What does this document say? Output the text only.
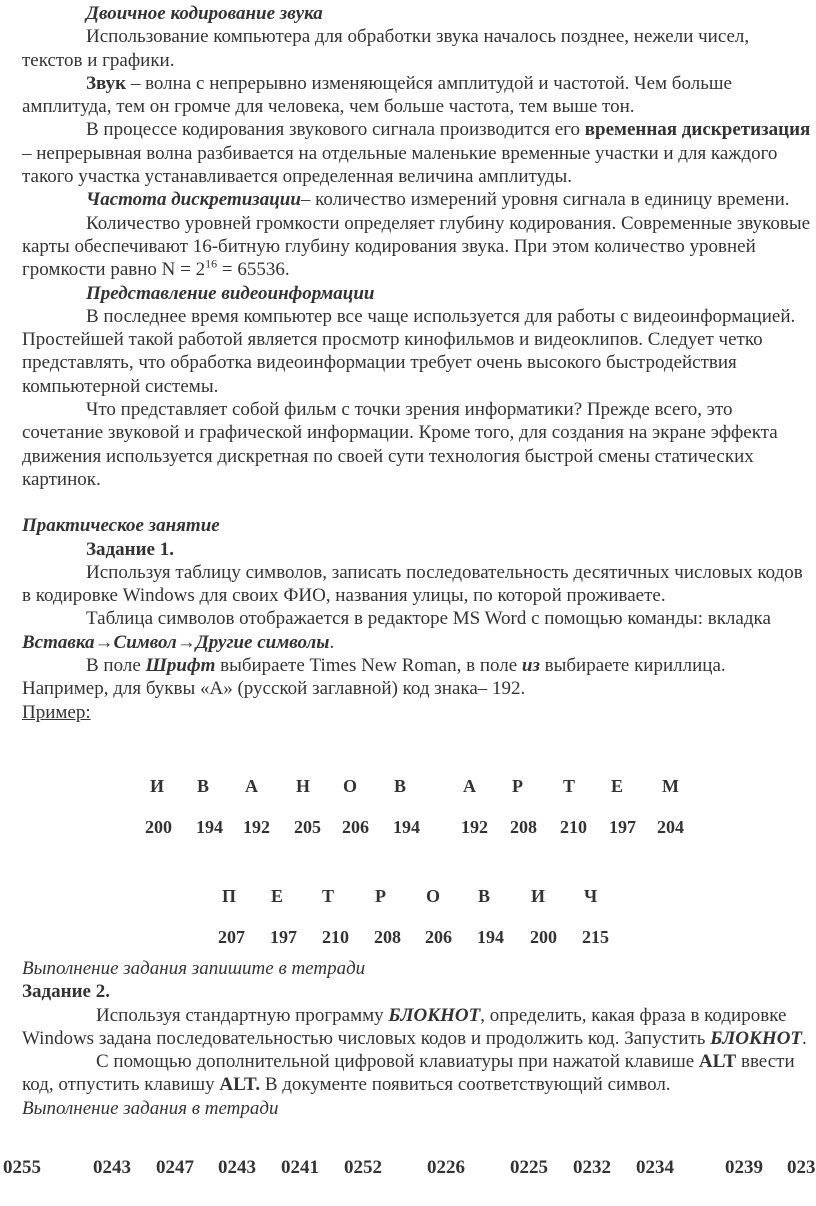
Двоичное кодирование звука

Использование компьютера для обработки звука началось позднее, нежели чисел, текстов и графики.

Звук – волна с непрерывно изменяющейся амплитудой и частотой. Чем больше амплитуда, тем он громче для человека, чем больше частота, тем выше тон.

В процессе кодирования звукового сигнала производится его временная дискретизация – непрерывная волна разбивается на отдельные маленькие временные участки и для каждого такого участка устанавливается определенная величина амплитуды.

Частота дискретизации– количество измерений уровня сигнала в единицу времени.

Количество уровней громкости определяет глубину кодирования. Современные звуковые карты обеспечивают 16-битную глубину кодирования звука. При этом количество уровней громкости равно $N = 2^{16} = 65536$.

Представление видеоинформации

В последнее время компьютер все чаще используется для работы с видеоинформацией. Простейшей такой работой является просмотр кинофильмов и видеоклипов. Следует четко представлять, что обработка видеоинформации требует очень высокого быстродействия компьютерной системы.

Что представляет собой фильм с точки зрения информатики? Прежде всего, это сочетание звуковой и графической информации. Кроме того, для создания на экране эффекта движения используется дискретная по своей сути технология быстрой смены статических картинок.

Практическое занятие

Задание 1.

Используя таблицу символов, записать последовательность десятичных числовых кодов в кодировке Windows для своих ФИО, названия улицы, по которой проживаете.

Таблица символов отображается в редакторе MS Word с помощью команды: вкладка Вставка→Символ→Другие символы.

В поле Шрифт выбираете Times New Roman, в поле из выбираете кириллица. Например, для буквы «А» (русской заглавной) код знака– 192.

Пример:

И В А Н О В	А Р Т Е М
200 194 192 205 206 194 192 208 210 197 204
П Е Т Р О В И Ч
207 197 210 208 206 194 200 215

Выполнение задания запишите в тетради

Задание 2.

Используя стандартную программу БЛОКНОТ, определить, какая фраза в кодировке Windows задана последовательностью числовых кодов и продолжить код. Запустить БЛОКНОТ.

С помощью дополнительной цифровой клавиатуры при нажатой клавише ALT ввести код, отпустить клавишу ALT. В документе появиться соответствующий символ.

Выполнение задания в тетради

0255	0243 0247 0243 0241 0252 0226 0225 0232 0234	0239 023
